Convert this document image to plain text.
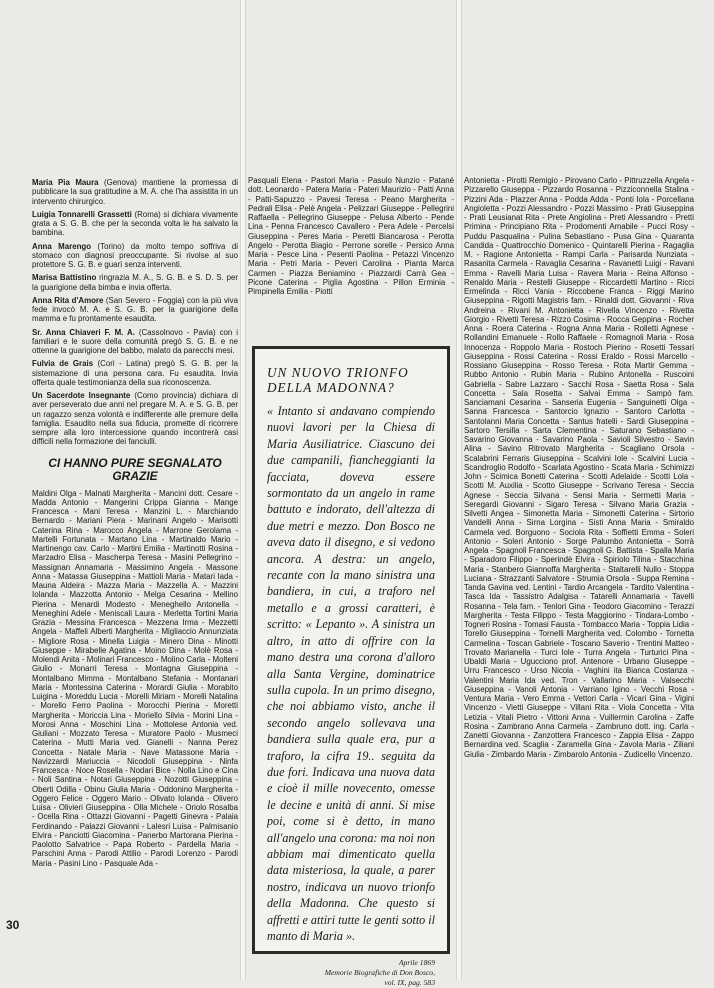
30

Maria Pia Maura (Genova) mantiene la promessa di pubblicare la sua gratitudine a M. A. che l'ha assistita in un intervento chirurgico.

Luigia Tonnarelli Grassetti (Roma) si dichiara vivamente grata a S. G. B. che per la seconda volta le ha salvato la bambina.

Anna Marengo (Torino) da molto tempo soffriva di stomaco con diagnosi preoccupante. Si rivolse al suo protettore S. G. B. e guarì senza interventi.

Marisa Battistino ringrazia M. A., S. G. B. e S. D. S. per la guarigione della bimba e invia offerta.

Anna Rita d'Amore (San Severo - Foggia) con la più viva fede invocò M. A. e S. G. B. per la guarigione della mamma e fu prontamente esaudita.

Sr. Anna Chiaveri F. M. A. (Cassolnovo - Pavia) con i familiari e le suore della comunità pregò S. G. B. e ne ottenne la guarigione del babbo, malato da parecchi mesi.

Fulvia de Grais (Cori - Latina) pregò S. G. B. per la sistemazione di una persona cara. Fu esaudita. Invia offerta quale testimonianza della sua riconoscenza.

Un Sacerdote Insegnante (Como provincia) dichiara di aver perseverato due anni nel pregare M. A. e S. G. B. per un ragazzo senza volontà e indifferente alle premure della famiglia. Esaudito nella sua fiducia, promette di ricorrere sempre alla loro intercessione quando incontrerà casi difficili nella formazione dei fanciulli.

CI HANNO PURE SEGNALATO GRAZIE

Maldini Olga - Malnati Margherita - Mancini dott. Cesare - Madda Antonio - Mangerini Crippa Gianna - Mange Francesca - Mani Teresa - Manzini L. - Marchiando Bernardo - Mariani Piera - Marinani Angelo - Marisotti Caterina Rina - Marocco Angela - Marrone Gerolama - Martelli Fortunata - Martano Lina - Martinaldo Mario - Martinengo cav. Carlo - Martini Emilia - Martinotti Rosina - Marzadro Elisa - Mascherpa Teresa - Masini Pellegrino - Massignan Annamaria - Massimino Angela - Massone Anna - Matassa Giuseppina - Mattioli Maria - Matari Iada - Mauna Aldeira - Mazza Maria - Mazzella A. - Mazzini Iolanda - Mazzotta Antonio - Melga Cesarina - Mellino Pierina - Menardi Modesto - Meneghello Antonella - Meneghini Adele - Meniscali Laura - Merletta Tortini Maria Grazia - Messina Francesca - Mezzena Irma - Mezzetti Angela - Maffeli Alberti Margherita - Migliaccio Annunziata - Migliore Rosa - Minella Luigia - Minero Dina - Minotti Giuseppe - Mirabelle Agatina - Moino Dina - Molè Rosa - Molendi Anita - Molinari Francesco - Molino Carla - Molteni Giulio - Monarri Teresa - Montagna Giuseppina - Montalbano Mimma - Montalbano Stefania - Montanari Maria - Montessina Caterina - Morardi Giulia - Morabito Luigina - Moreddu Lucia - Morelli Miriam - Morelli Natalina - Morello Ferro Paolina - Morocchi Pierina - Moretti Margherita - Moriccia Lina - Moriello Silvia - Morini Lina - Morosi Anna - Moschini Lina - Mottolese Antonia ved. Giuliani - Mozzato Teresa - Muratore Paolo - Musmeci Caterina - Mutti Maria ved. Gianelli - Nanna Perez Concetta - Natale Maria - Nave Matassone Maria - Navizzardi Mariuccia - Nicodoli Giuseppina - Ninfa Francesca - Noce Rosella - Nodari Bice - Nolla Lino e Cina - Noli Santina - Notari Giuseppina - Nozotti Giuseppina - Oberti Odilla - Obinu Giulia Maria - Oddonino Margherita - Oggero Felice - Oggero Mario - Olivato Iolanda - Olivero Luisa - Olivieri Giuseppina - Olla Michele - Oriolo Rosalba - Ocella Rina - Ottazzi Giovanni - Pagetti Ginevra - Palaia Ferdinando - Palazzi Giovanni - Lalesri Luisa - Palmisanio Elvira - Panciotti Giacomina - Panerbo Martorana Pierina - Paolotto Salvatrice - Papa Roberto - Pardella Maria - Parschini Anna - Parodi Attilio - Parodi Lorenzo - Parodi Maria - Pasini Lino - Pasquale Ada -

Pasquali Elena - Pastori Maria - Pasulo Nunzio - Patané dott. Leonardo - Patera Maria - Pateri Maurizio - Patti Anna - Patti-Sapuzzo - Pavesi Teresa - Peano Margherita - Pedrali Elisa - Pelè Angela - Pelizzari Giuseppe - Pellegrini Raffaella - Pellegrino Giuseppe - Pelusa Alberto - Pende Lina - Penna Francesco Cavallero - Pera Adele - Percelsi Giuseppina - Peres Maria - Peretti Biancarosa - Perotta Angelo - Perotta Biagio - Perrone sorelle - Persico Anna Maria - Pesce Lina - Pesenti Paolina - Petazzi Vincenzo Maria - Petri Maria - Peveri Carolina - Pianta Marca Carmen - Piazza Beniamino - Piazzardi Carrà Gea - Picone Caterina - Piglia Agostina - Pillon Erminia - Pimpinella Emilia - Piotti

UN NUOVO TRIONFO DELLA MADONNA?
« Intanto si andavano compiendo nuovi lavori per la Chiesa di Maria Ausiliatrice. Ciascuno dei due campanili, fiancheggianti la facciata, doveva essere sormontato da un angelo in rame battuto e indorato, dell'altezza di due metri e mezzo. Don Bosco ne aveva dato il disegno, e si vedono ancora. A destra: un angelo, recante con la mano sinistra una bandiera, in cui, a traforo nel metallo e a grossi caratteri, è scritto: « Lepanto ». A sinistra un altro, in atto di offrire con la mano destra una corona d'alloro alla Santa Vergine, dominatrice sulla cupola. In un primo disegno, che noi abbiamo visto, anche il secondo angelo sollevava una bandiera sulla quale era, pur a traforo, la cifra 19.. seguita da due fori. Indicava una nuova data e cioè il mille novecento, omesse le decine e unità di anni. Si mise poi, come si è detto, in mano all'angelo una corona: ma noi non abbiam mai dimenticato quella data misteriosa, la quale, a parer nostro, indicava un nuovo trionfo della Madonna. Che questo si affretti e attiri tutte le genti sotto il manto di Maria ».
Aprile 1869
Memorie Biografiche di Don Bosco,
vol. IX, pag. 583

Antonietta - Pirotti Remigio - Pirovano Carlo - Pittruzzella Angela - Pizzarello Giuseppa - Pizzardo Rosanna - Pizziconnella Stalina - Pizzini Ada - Plazzer Anna - Podda Adda - Ponti Iola - Porcellana Angioletta - Pozzi Alessandro - Pozzi Massimo - Prati Giuseppina - Prati Leusianat Rita - Prete Angiolina - Preti Alessandro - Pretti Primina - Principiano Rita - Prodomenti Amabile - Pucci Rosy - Puddu Pasqualina - Pulina Sebastiano - Pusa Gina - Quaranta Candida - Quattrocchio Domenico - Quintarelli Pierina - Ragaglia M. - Ragione Antonietta - Rampi Carla - Parisarda Nunziata - Rasanita Carmela - Ravaglia Cesarina - Ravanetti Luigi - Ravani Emma - Ravelli Maria Luisa - Ravera Maria - Reina Alfonso - Renaldo Maria - Restelli Giuseppe - Riccardetti Martino - Ricci Ermelinda - Ricci Vania - Riccobene Franca - Riggi Marino Giuseppina - Rigotti Magistris fam. - Rinaldi dott. Giovanni - Riva Andreina - Rivani M. Antonietta - Rivella Vincenzo - Rivetta Giorgio - Rivetti Teresa - Rizzo Cosima - Rocca Geppina - Rocher Anna - Roera Caterina - Rogna Anna Maria - Rolletti Agnese - Rollandini Emanuele - Rollo Raffaele - Romagnoli Maria - Rosa Innocenza - Roppolo Maria - Rostoch Pierino - Rosetti Tessari Giuseppina - Rossi Caterina - Rossi Eraldo - Rossi Marcello - Rossiano Giuseppina - Rosso Teresa - Rota Martir Gemma - Rubbo Antonio - Rubin Maria - Rubino Antonella - Ruscoini Gabriella - Sabre Lazzaro - Sacchi Rosa - Saetta Rosa - Sala Concetta - Sala Rosetta - Salvai Emma - Sampò fam. Sanciamani Cesarina - Sanseria Eugenia - Sanguinetti Olga - Sanna Francesca - Santorcio Ignazio - Santoro Carlotta - Santolanni Maria Concetta - Santus fratelli - Sardi Giuseppina - Sartoro Tersilla - Sarta Clementina - Saturano Sebastiano - Savarino Giovanna - Savarino Paola - Savioli Silvestro - Savin Alina - Savino Ritrovato Margherita - Scagliano Orsola - Scalabrini Ferraris Giuseppina - Scalvini Iole - Scalvini Lucia - Scandroglio Rodolfo - Scarlata Agostino - Scata Maria - Schimizzi John - Scimica Bonetti Caterina - Scotti Adelaide - Scotti Lola - Scotti M. Auxilia - Scotto Giuseppe - Scrivano Teresa - Seccia Agnese - Seccia Silvana - Sensi Maria - Sermetti Maria - Seregardi Giovanni - Sigaro Teresa - Silvano Maria Grazia - Silvetti Angea - Simonetta Maria - Simonetti Caterina - Sirtorio Vandelli Anna - Sirna Lorgina - Sisti Anna Maria - Smiraldo Carmela ved. Borguono - Sociola Rita - Soffietti Emma - Soleri Antonio - Soleri Antonio - Sorge Palumbo Antonietta - Sorrà Angela - Spagnoli Francesca - Spagnoli G. Battista - Spalla Maria - Sparadoro Filippo - Sperindè Elvira - Spiriolo Tilina - Stacchina Maria - Stanbero Giannoffa Margherita - Staltarelli Nullo - Stoppa Luciana - Strazzanti Salvatore - Strumia Orsola - Suppa Remina - Tanda Gavina ved. Lentini - Tardio Arcangela - Tardito Valentina - Tasca Ida - Tassistro Adalgisa - Tatarelli Annamaria - Tavelli Rosanna - Tela fam. - Tenlori Gina - Teodoro Giacomino - Terazzi Margherita - Testa Filippo - Testa Maggiorino - Tindara-Lombo - Togneri Rosina - Tomasi Fausta - Tombacco Maria - Toppia Lidia - Torello Giuseppina - Tornelli Margherita ved. Colombo - Tornetta Carmelina - Toscan Gabriele - Toscano Saverio - Trentini Matteo - Trovato Marianella - Turci Iole - Turra Angela - Turturici Pina - Ubaldi Maria - Ugucciono prof. Antenore - Urbano Giuseppe - Urru Francesco - Urso Nicola - Vaghini ita Bianca Costanza - Valentini Maria Ida ved. Tron - Vallarino Maria - Valsecchi Giuseppina - Vanoli Antonia - Varriano Igino - Vecchi Rosa - Ventura Maria - Vero Emma - Vettori Carla - Vicari Gina - Vigini Vincenzo - Vietti Giuseppe - Villani Rita - Viola Concetta - Vita Letizia - Vitali Pietro - Vittoni Anna - Vuillermin Carolina - Zaffe Rosina - Zambrano Anna Carmela - Zambruno dott. ing. Carla - Zanetti Giovanna - Zanzottera Francesco - Zappia Elisa - Zappo Bernardina ved. Scaglia - Zaramella Gina - Zavola Maria - Ziliani Giulia - Zimbardo Maria - Zimbarolo Antonia - Zudicello Vincenzo.
